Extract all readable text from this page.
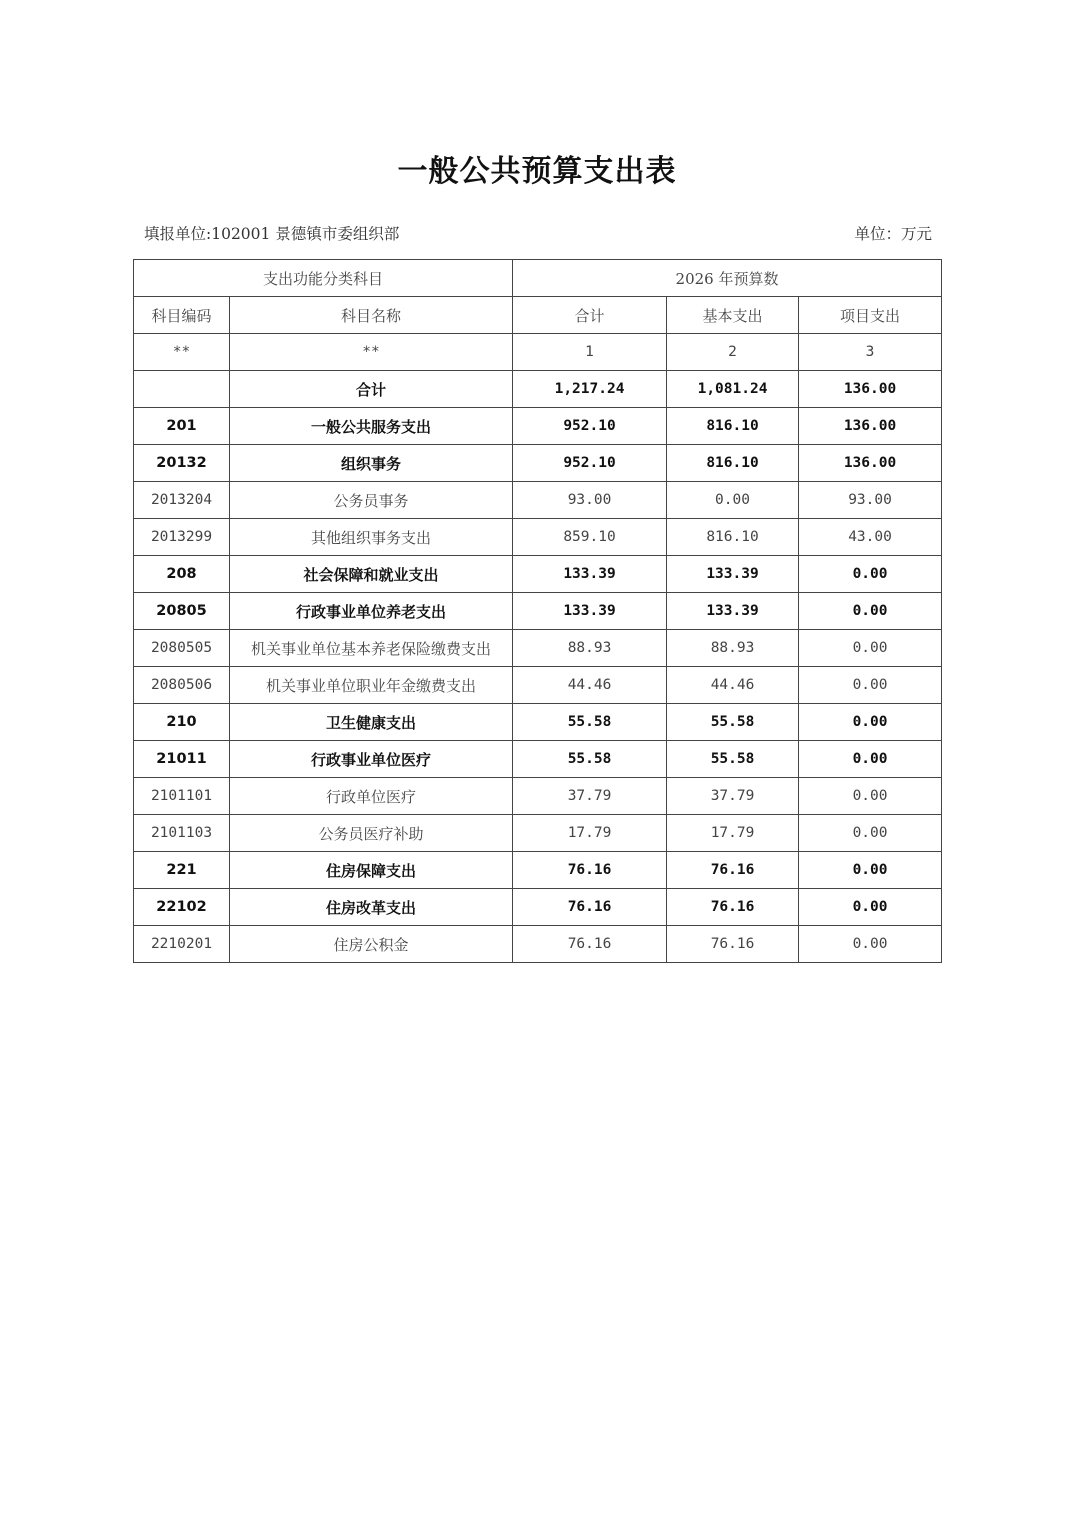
一般公共预算支出表
填报单位:102001 景德镇市委组织部	单位：万元
支出功能分类科目		2026 年预算数		
科目编码	科目名称	合计	基本支出	项目支出
**	**	1	2	3
	合计	1,217.24	1,081.24	136.00
201	一般公共服务支出	952.10	816.10	136.00
20132	组织事务	952.10	816.10	136.00
2013204	公务员事务	93.00	0.00	93.00
2013299	其他组织事务支出	859.10	816.10	43.00
208	社会保障和就业支出	133.39	133.39	0.00
20805	行政事业单位养老支出	133.39	133.39	0.00
2080505	机关事业单位基本养老保险缴费支出	88.93	88.93	0.00
2080506	机关事业单位职业年金缴费支出	44.46	44.46	0.00
210	卫生健康支出	55.58	55.58	0.00
21011	行政事业单位医疗	55.58	55.58	0.00
2101101	行政单位医疗	37.79	37.79	0.00
2101103	公务员医疗补助	17.79	17.79	0.00
221	住房保障支出	76.16	76.16	0.00
22102	住房改革支出	76.16	76.16	0.00
2210201	住房公积金	76.16	76.16	0.00
